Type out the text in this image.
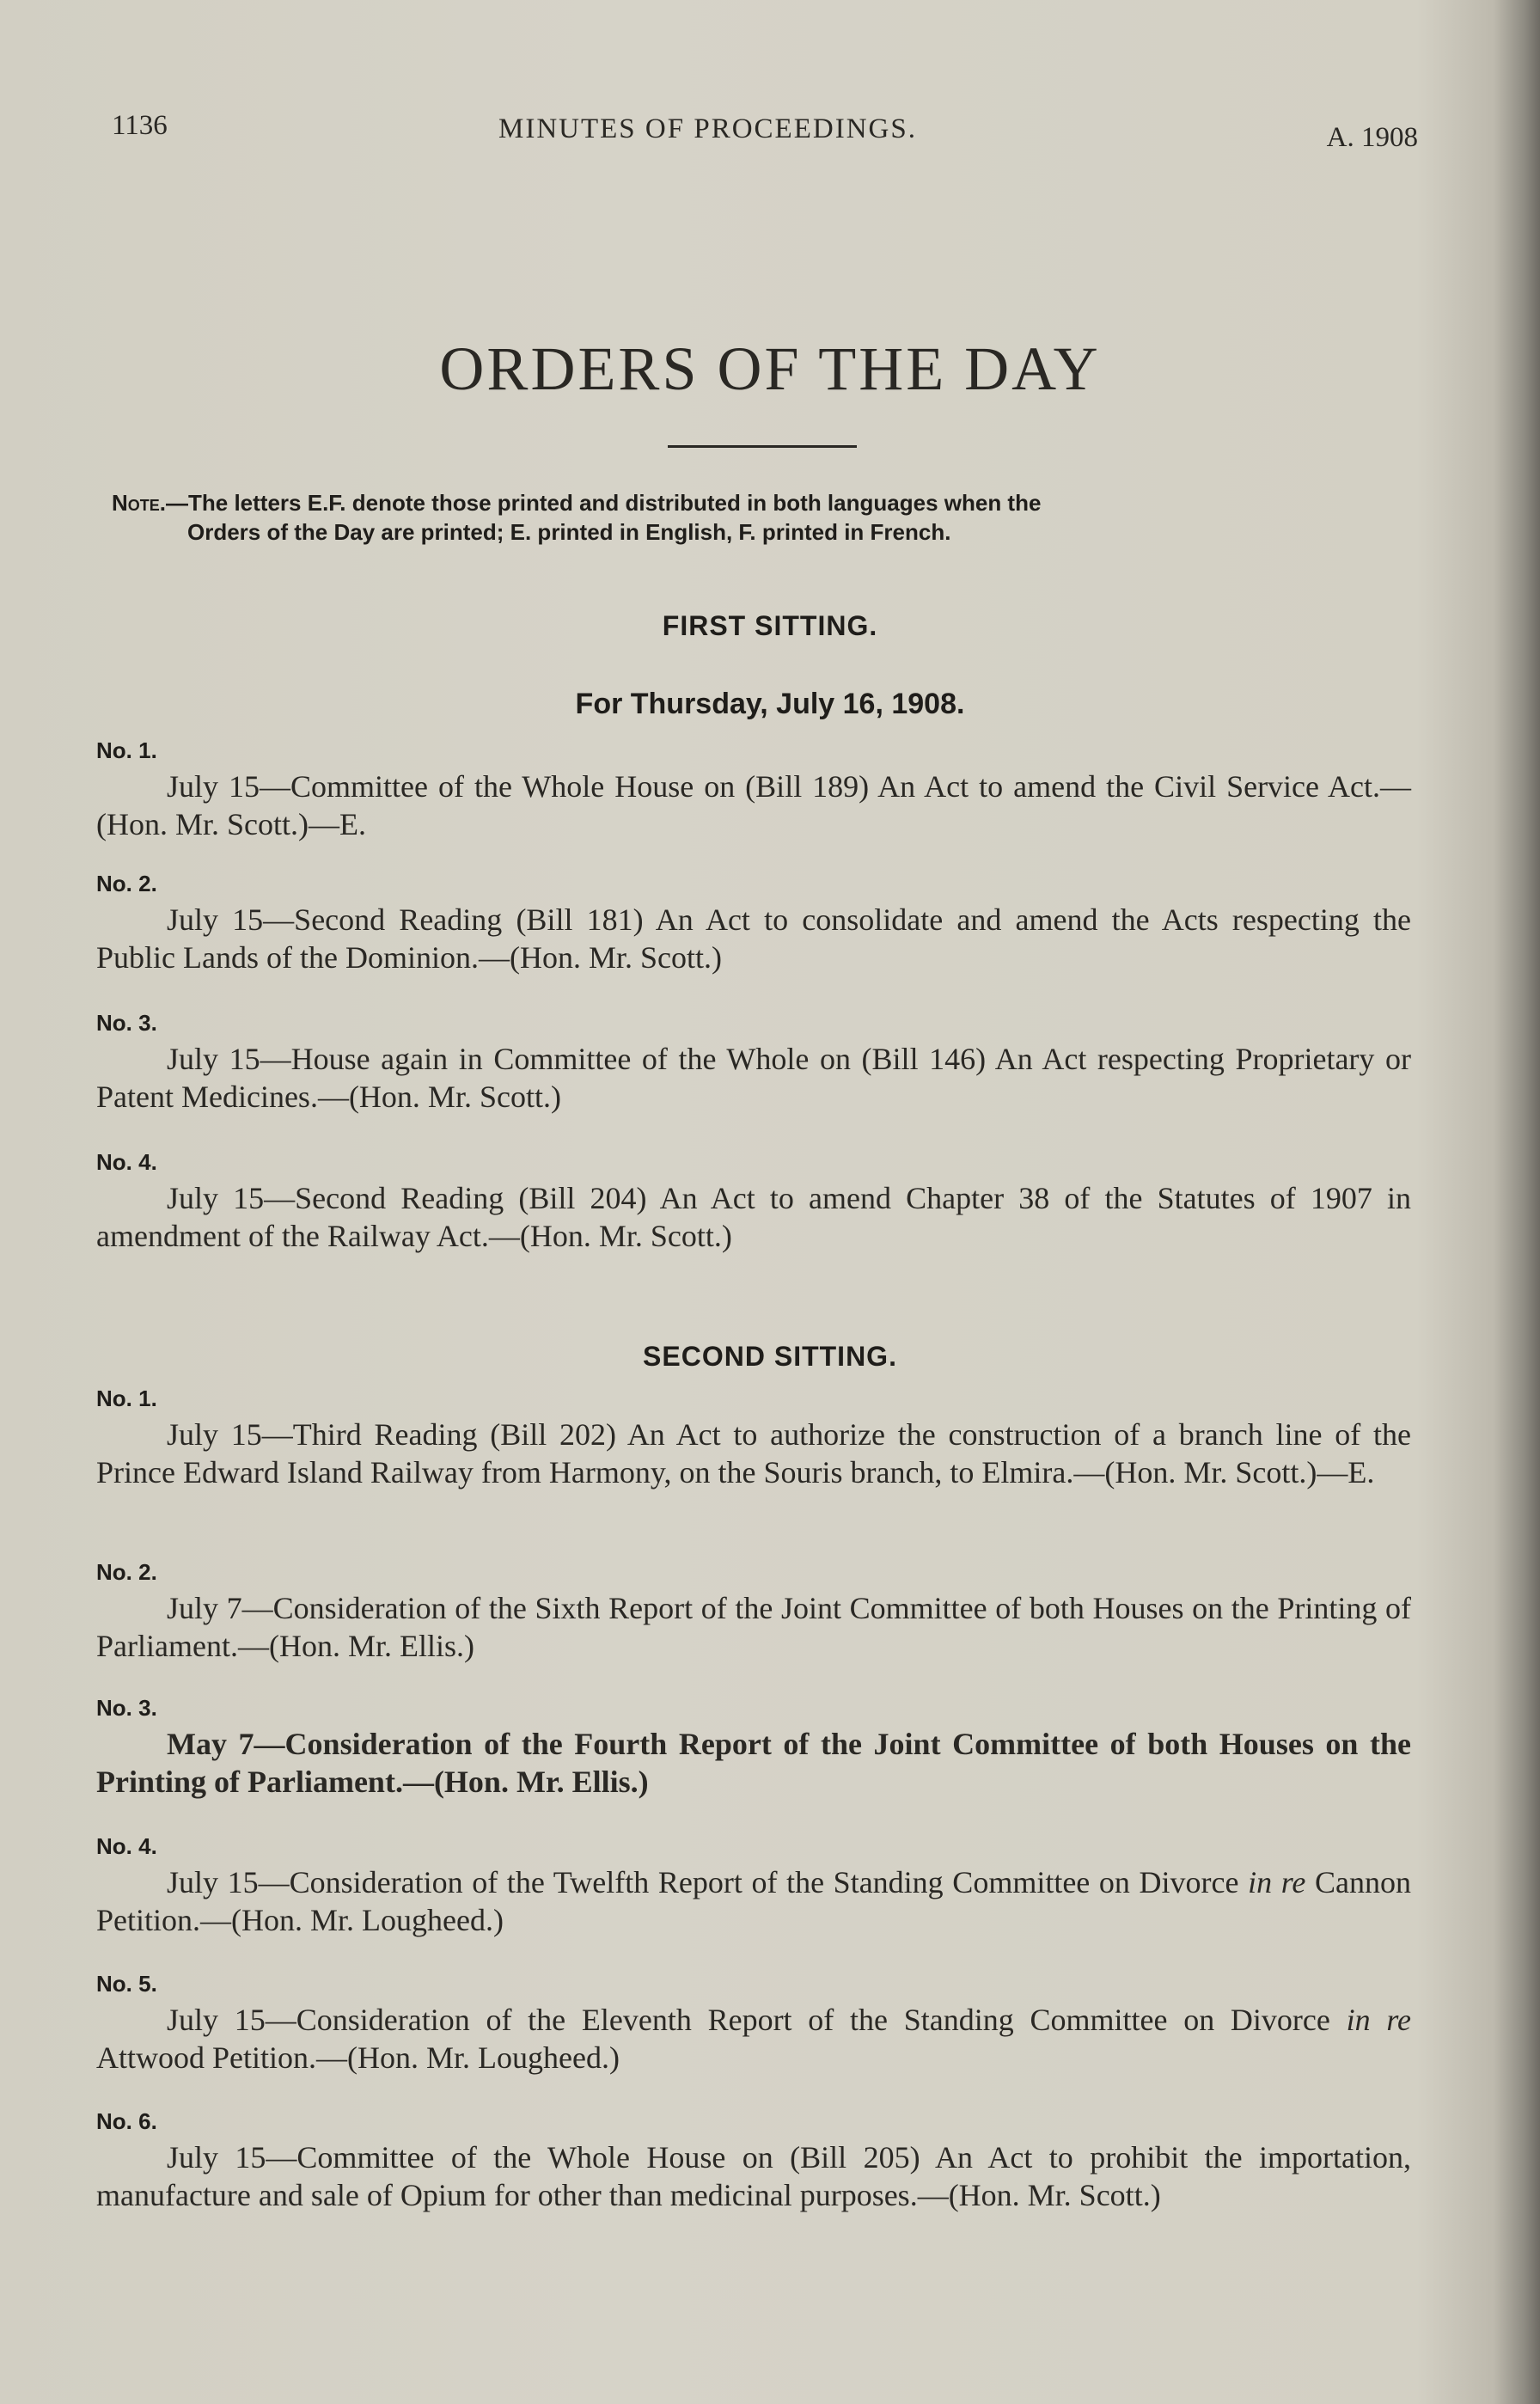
1136	MINUTES OF PROCEEDINGS.	A. 1908
ORDERS OF THE DAY
Note.—The letters E.F. denote those printed and distributed in both languages when the
Orders of the Day are printed; E. printed in English, F. printed in French.
FIRST SITTING.
For Thursday, July 16, 1908.
No. 1.
July 15—Committee of the Whole House on (Bill 189) An Act to amend the Civil Service Act.—(Hon. Mr. Scott.)—E.
No. 2.
July 15—Second Reading (Bill 181) An Act to consolidate and amend the Acts respecting the Public Lands of the Dominion.—(Hon. Mr. Scott.)
No. 3.
July 15—House again in Committee of the Whole on (Bill 146) An Act respecting Proprietary or Patent Medicines.—(Hon. Mr. Scott.)
No. 4.
July 15—Second Reading (Bill 204) An Act to amend Chapter 38 of the Statutes of 1907 in amendment of the Railway Act.—(Hon. Mr. Scott.)
SECOND SITTING.
No. 1.
July 15—Third Reading (Bill 202) An Act to authorize the construction of a branch line of the Prince Edward Island Railway from Harmony, on the Souris branch, to Elmira.—(Hon. Mr. Scott.)—E.
No. 2.
July 7—Consideration of the Sixth Report of the Joint Committee of both Houses on the Printing of Parliament.—(Hon. Mr. Ellis.)
No. 3.
May 7—Consideration of the Fourth Report of the Joint Committee of both Houses on the Printing of Parliament.—(Hon. Mr. Ellis.)
No. 4.
July 15—Consideration of the Twelfth Report of the Standing Committee on Divorce in re Cannon Petition.—(Hon. Mr. Lougheed.)
No. 5.
July 15—Consideration of the Eleventh Report of the Standing Committee on Divorce in re Attwood Petition.—(Hon. Mr. Lougheed.)
No. 6.
July 15—Committee of the Whole House on (Bill 205) An Act to prohibit the importation, manufacture and sale of Opium for other than medicinal purposes.—(Hon. Mr. Scott.)
